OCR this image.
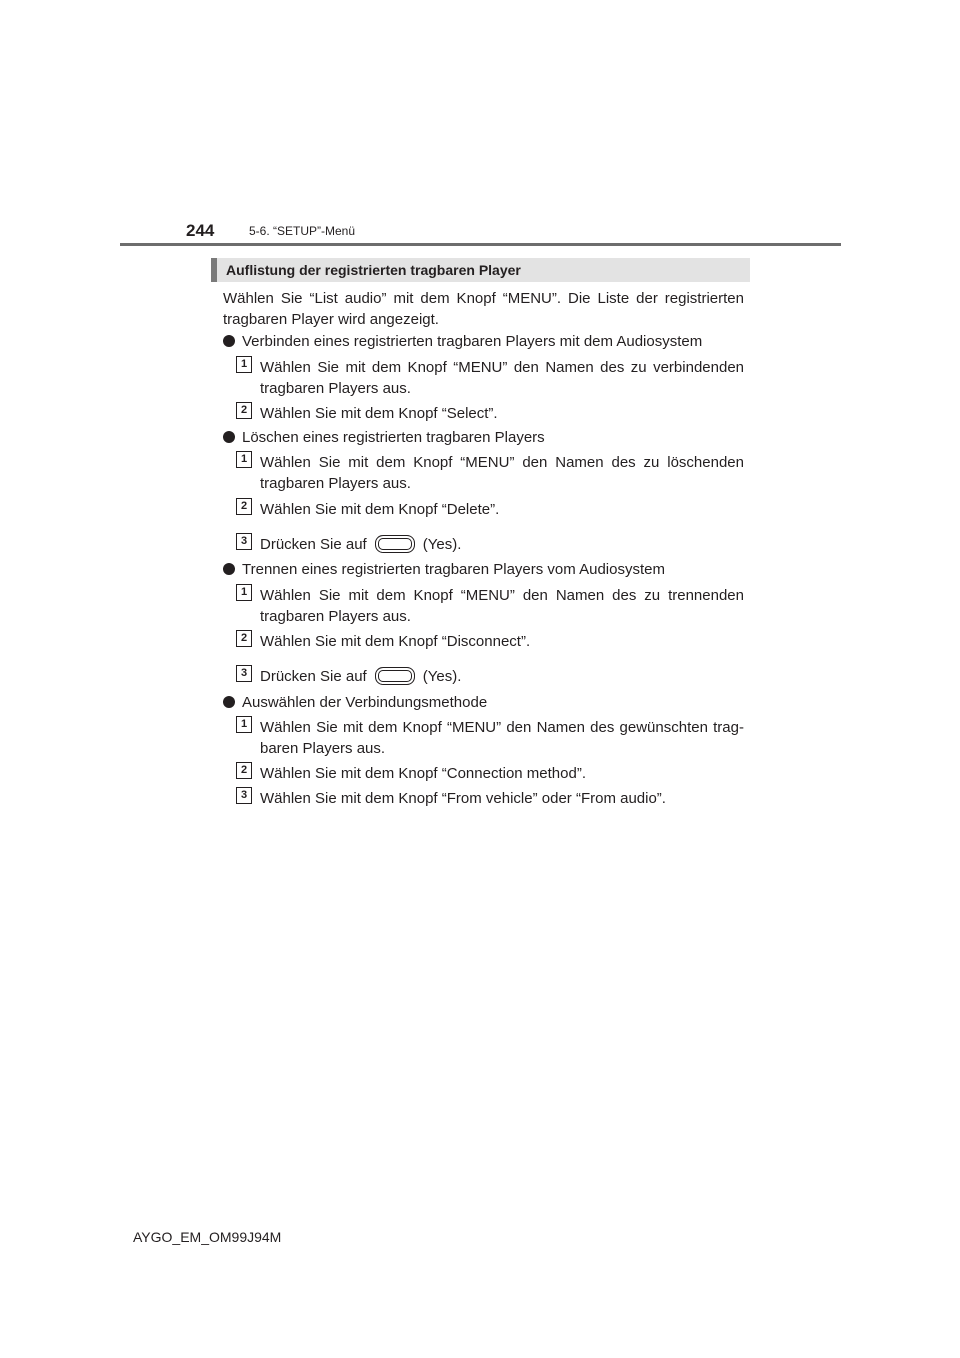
244	5-6. “SETUP”-Menü
Auflistung der registrierten tragbaren Player
Wählen Sie “List audio” mit dem Knopf “MENU”. Die Liste der registrierten tragbaren Player wird angezeigt.
Verbinden eines registrierten tragbaren Players mit dem Audiosystem
1 Wählen Sie mit dem Knopf “MENU” den Namen des zu verbindenden tragbaren Players aus.
2 Wählen Sie mit dem Knopf “Select”.
Löschen eines registrierten tragbaren Players
1 Wählen Sie mit dem Knopf “MENU” den Namen des zu löschenden tragbaren Players aus.
2 Wählen Sie mit dem Knopf “Delete”.
3 Drücken Sie auf	(Yes).
Trennen eines registrierten tragbaren Players vom Audiosystem
1 Wählen Sie mit dem Knopf “MENU” den Namen des zu trennenden tragbaren Players aus.
2 Wählen Sie mit dem Knopf “Disconnect”.
3 Drücken Sie auf	(Yes).
Auswählen der Verbindungsmethode
1 Wählen Sie mit dem Knopf “MENU” den Namen des gewünschten trag-baren Players aus.
2 Wählen Sie mit dem Knopf “Connection method”.
3 Wählen Sie mit dem Knopf “From vehicle” oder “From audio”.
AYGO_EM_OM99J94M
